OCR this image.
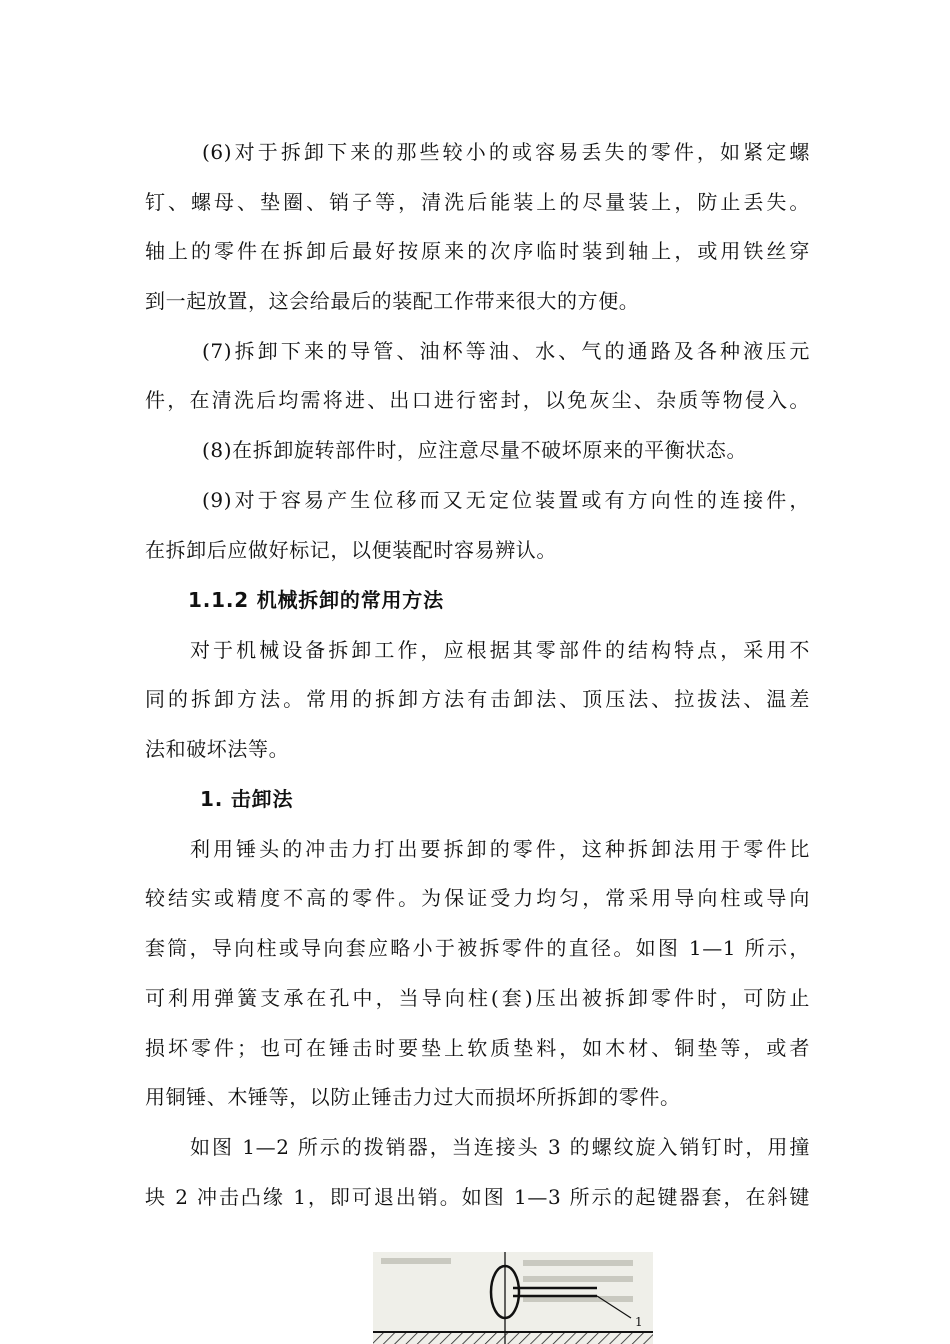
(6)对于拆卸下来的那些较小的或容易丢失的零件，如紧定螺
钉、螺母、垫圈、销子等，清洗后能装上的尽量装上，防止丢失。
轴上的零件在拆卸后最好按原来的次序临时装到轴上，或用铁丝穿
到一起放置，这会给最后的装配工作带来很大的方便。
(7)拆卸下来的导管、油杯等油、水、气的通路及各种液压元
件，在清洗后均需将进、出口进行密封，以免灰尘、杂质等物侵入。
(8)在拆卸旋转部件时，应注意尽量不破坏原来的平衡状态。
(9)对于容易产生位移而又无定位装置或有方向性的连接件，
在拆卸后应做好标记，以便装配时容易辨认。
1.1.2 机械拆卸的常用方法
对于机械设备拆卸工作，应根据其零部件的结构特点，采用不
同的拆卸方法。常用的拆卸方法有击卸法、顶压法、拉拔法、温差
法和破坏法等。
1. 击卸法
利用锤头的冲击力打出要拆卸的零件，这种拆卸法用于零件比
较结实或精度不高的零件。为保证受力均匀，常采用导向柱或导向
套筒，导向柱或导向套应略小于被拆零件的直径。如图 1—1 所示，
可利用弹簧支承在孔中，当导向柱(套)压出被拆卸零件时，可防止
损坏零件；也可在锤击时要垫上软质垫料，如木材、铜垫等，或者
用铜锤、木锤等，以防止锤击力过大而损坏所拆卸的零件。
如图 1—2 所示的拨销器，当连接头 3 的螺纹旋入销钉时，用撞
块 2 冲击凸缘 1，即可退出销。如图 1—3 所示的起键器套，在斜键
1
